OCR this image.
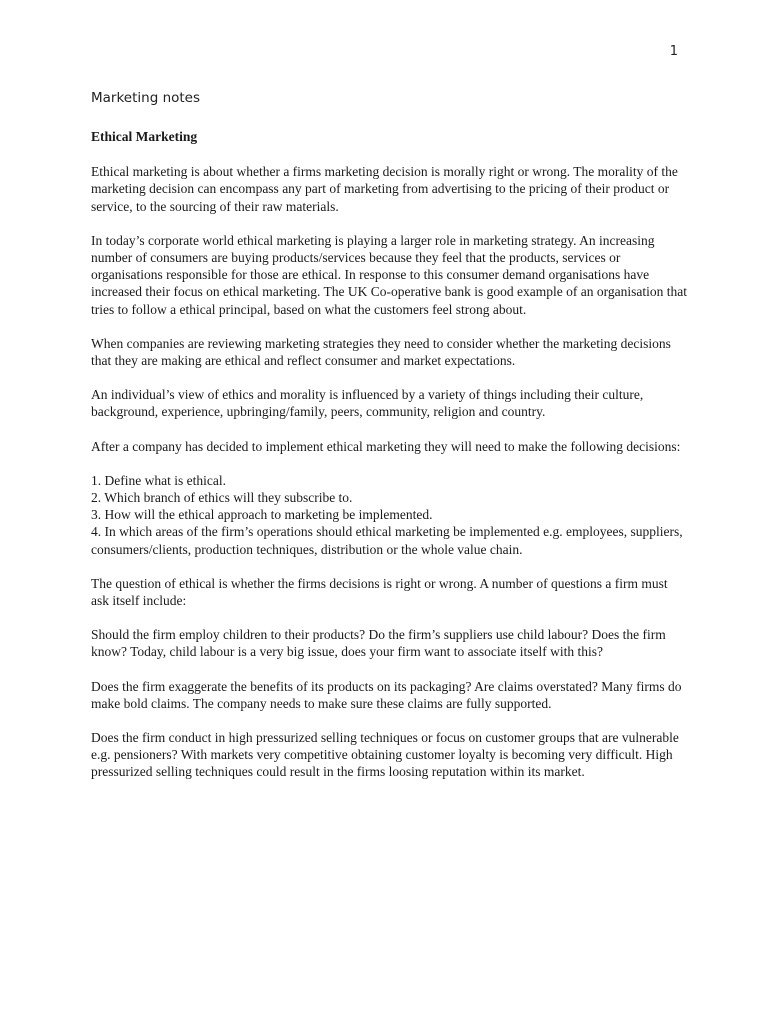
1
Marketing notes
Ethical Marketing

Ethical marketing is about whether a firms marketing decision is morally right or wrong. The morality of the marketing decision can encompass any part of marketing from advertising to the pricing of their product or service, to the sourcing of their raw materials.

In today’s corporate world ethical marketing is playing a larger role in marketing strategy. An increasing number of consumers are buying products/services because they feel that the products, services or organisations responsible for those are ethical. In response to this consumer demand organisations have increased their focus on ethical marketing. The UK Co-operative bank is good example of an organisation that tries to follow a ethical principal, based on what the customers feel strong about.

When companies are reviewing marketing strategies they need to consider whether the marketing decisions that they are making are ethical and reflect consumer and market expectations.

An individual’s view of ethics and morality is influenced by a variety of things including their culture, background, experience, upbringing/family, peers, community, religion and country.

After a company has decided to implement ethical marketing they will need to make the following decisions:

1. Define what is ethical.
2. Which branch of ethics will they subscribe to.
3. How will the ethical approach to marketing be implemented.
4. In which areas of the firm’s operations should ethical marketing be implemented e.g. employees, suppliers, consumers/clients, production techniques, distribution or the whole value chain.

The question of ethical is whether the firms decisions is right or wrong. A number of questions a firm must ask itself include:

Should the firm employ children to their products? Do the firm’s suppliers use child labour? Does the firm know? Today, child labour is a very big issue, does your firm want to associate itself with this?

Does the firm exaggerate the benefits of its products on its packaging? Are claims overstated? Many firms do make bold claims. The company needs to make sure these claims are fully supported.

Does the firm conduct in high pressurized selling techniques or focus on customer groups that are vulnerable e.g. pensioners? With markets very competitive obtaining customer loyalty is becoming very difficult. High pressurized selling techniques could result in the firms loosing reputation within its market.
